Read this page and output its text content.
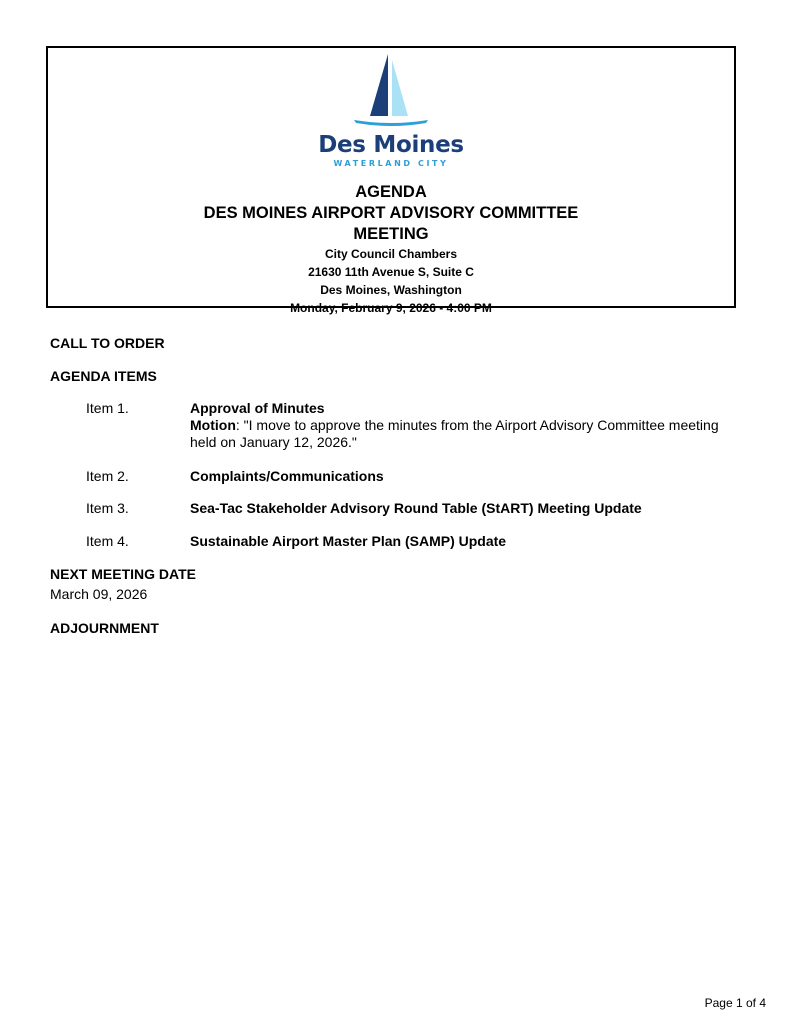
Des Moines
WATERLAND CITY
AGENDA
DES MOINES AIRPORT ADVISORY COMMITTEE
MEETING
City Council Chambers
21630 11th Avenue S, Suite C
Des Moines, Washington
Monday, February 9, 2026 - 4:00 PM
CALL TO ORDER
AGENDA ITEMS
Item 1.	Approval of Minutes
Motion: "I move to approve the minutes from the Airport Advisory Committee meeting held on January 12, 2026."
Item 2.	Complaints/Communications
Item 3.	Sea-Tac Stakeholder Advisory Round Table (StART) Meeting Update
Item 4.	Sustainable Airport Master Plan (SAMP) Update
NEXT MEETING DATE
March 09, 2026
ADJOURNMENT
Page 1 of 4
